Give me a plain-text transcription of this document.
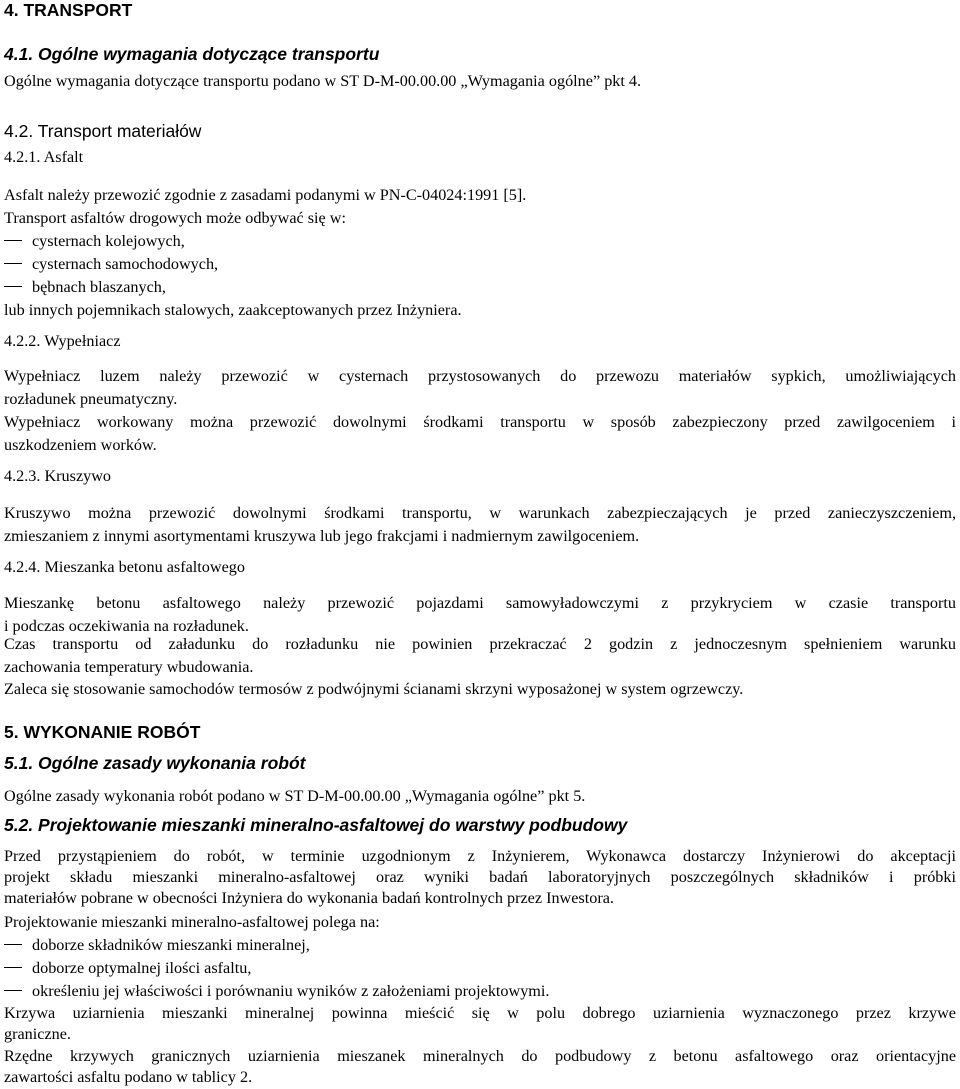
4. TRANSPORT
4.1. Ogólne wymagania dotyczące transportu
Ogólne wymagania dotyczące transportu podano w ST D-M-00.00.00 „Wymagania ogólne” pkt 4.
4.2. Transport materiałów
4.2.1. Asfalt
Asfalt należy przewozić zgodnie z zasadami podanymi w PN-C-04024:1991 [5].
Transport asfaltów drogowych może odbywać się w:
cysternach kolejowych,
cysternach samochodowych,
bębnach blaszanych,
lub innych pojemnikach stalowych, zaakceptowanych przez Inżyniera.
4.2.2. Wypełniacz
Wypełniacz luzem należy przewozić w cysternach przystosowanych do przewozu materiałów sypkich, umożliwiających
rozładunek pneumatyczny.
Wypełniacz workowany można przewozić dowolnymi środkami transportu w sposób zabezpieczony przed zawilgoceniem i
uszkodzeniem worków.
4.2.3. Kruszywo
Kruszywo można przewozić dowolnymi środkami transportu, w warunkach zabezpieczających je przed zanieczyszczeniem,
zmieszaniem z innymi asortymentami kruszywa lub jego frakcjami i nadmiernym zawilgoceniem.
4.2.4. Mieszanka betonu asfaltowego
Mieszankę betonu asfaltowego należy przewozić pojazdami samowyładowczymi z przykryciem w czasie transportu
i podczas oczekiwania na rozładunek.
Czas transportu od załadunku do rozładunku nie powinien przekraczać 2 godzin z jednoczesnym spełnieniem warunku
zachowania temperatury wbudowania.
Zaleca się stosowanie samochodów termosów z podwójnymi ścianami skrzyni wyposażonej w system ogrzewczy.
5. WYKONANIE ROBÓT
5.1. Ogólne zasady wykonania robót
Ogólne zasady wykonania robót podano w ST D-M-00.00.00 „Wymagania ogólne” pkt 5.
5.2. Projektowanie mieszanki mineralno-asfaltowej do warstwy podbudowy
Przed przystąpieniem do robót, w terminie uzgodnionym z Inżynierem, Wykonawca dostarczy Inżynierowi do akceptacji
projekt składu mieszanki mineralno-asfaltowej oraz wyniki badań laboratoryjnych poszczególnych składników i próbki
materiałów pobrane w obecności Inżyniera do wykonania badań kontrolnych przez Inwestora.
Projektowanie mieszanki mineralno-asfaltowej polega na:
doborze składników mieszanki mineralnej,
doborze optymalnej ilości asfaltu,
określeniu jej właściwości i porównaniu wyników z założeniami projektowymi.
Krzywa uziarnienia mieszanki mineralnej powinna mieścić się w polu dobrego uziarnienia wyznaczonego przez krzywe
graniczne.
Rzędne krzywych granicznych uziarnienia mieszanek mineralnych do podbudowy z betonu asfaltowego oraz orientacyjne
zawartości asfaltu podano w tablicy 2.
